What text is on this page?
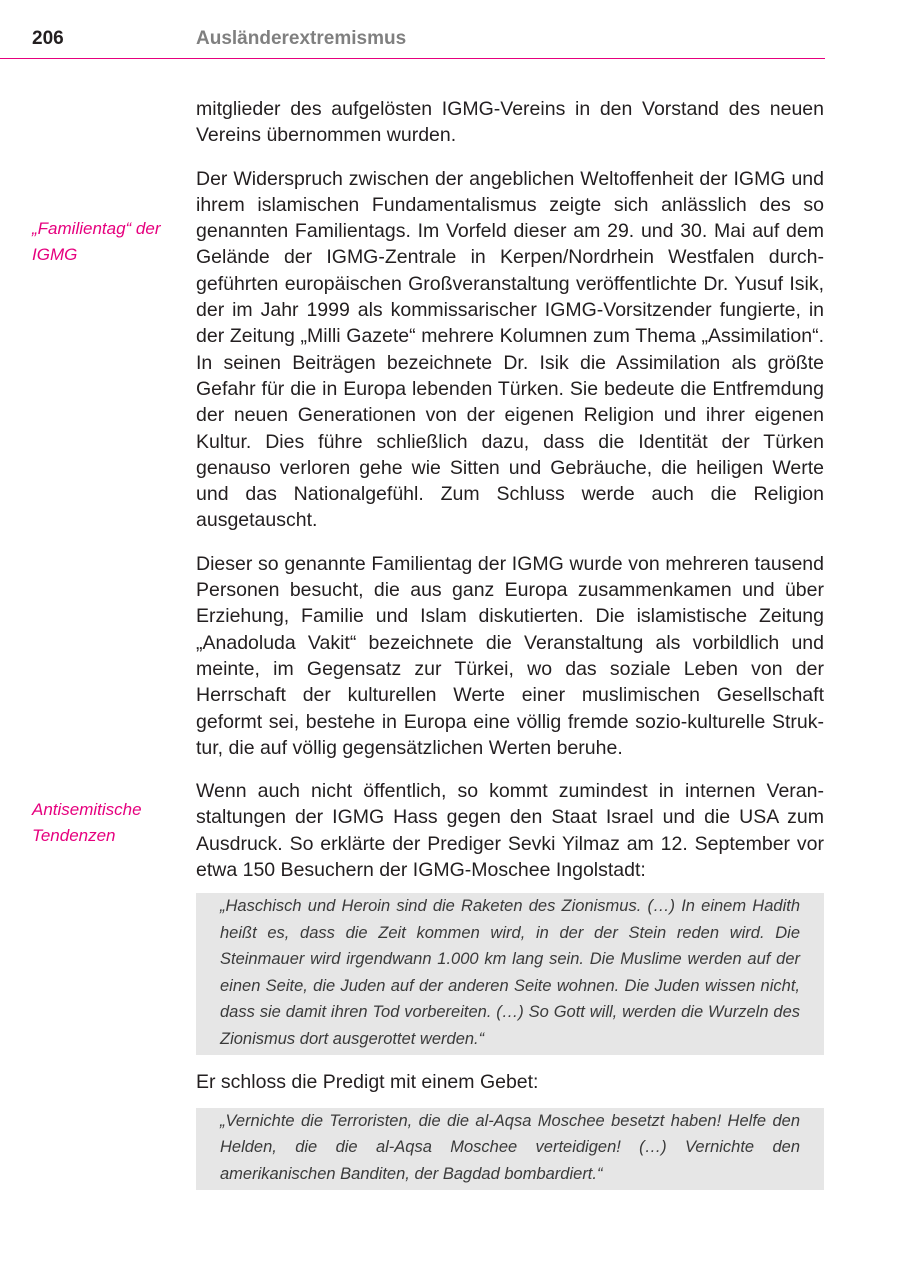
206	Ausländerextremismus
„Familientag“ der IGMG
Antisemitische Tendenzen

mitglieder des aufgelösten IGMG-Vereins in den Vorstand des neuen Vereins übernommen wurden.

Der Widerspruch zwischen der angeblichen Weltoffenheit der IGMG und ihrem islamischen Fundamentalismus zeigte sich anlässlich des so genannten Familientags. Im Vorfeld dieser am 29. und 30. Mai auf dem Gelände der IGMG-Zentrale in Kerpen/Nordrhein Westfalen durchgeführten europäischen Großveranstaltung veröffentlichte Dr. Yusuf Isik, der im Jahr 1999 als kommissarischer IGMG-Vorsitzender fungierte, in der Zeitung „Milli Gazete“ mehrere Kolumnen zum Thema „Assimilation“. In seinen Beiträgen bezeichnete Dr. Isik die Assimilation als größte Gefahr für die in Europa lebenden Türken. Sie bedeute die Entfremdung der neuen Generationen von der eigenen Religion und ihrer eigenen Kultur. Dies führe schließlich dazu, dass die Identität der Türken genauso verloren gehe wie Sitten und Gebräuche, die heiligen Werte und das Nationalgefühl. Zum Schluss werde auch die Religion ausgetauscht.

Dieser so genannte Familientag der IGMG wurde von mehreren tausend Personen besucht, die aus ganz Europa zusammenkamen und über Erziehung, Familie und Islam diskutierten. Die islamistische Zeitung „Anadoluda Vakit“ bezeichnete die Veranstaltung als vorbildlich und meinte, im Gegensatz zur Türkei, wo das soziale Leben von der Herrschaft der kulturellen Werte einer muslimischen Gesellschaft geformt sei, bestehe in Europa eine völlig fremde sozio-kulturelle Struktur, die auf völlig gegensätzlichen Werten beruhe.

Wenn auch nicht öffentlich, so kommt zumindest in internen Veranstaltungen der IGMG Hass gegen den Staat Israel und die USA zum Ausdruck. So erklärte der Prediger Sevki Yilmaz am 12. September vor etwa 150 Besuchern der IGMG-Moschee Ingolstadt:

„Haschisch und Heroin sind die Raketen des Zionismus. (…) In einem Hadith heißt es, dass die Zeit kommen wird, in der der Stein reden wird. Die Steinmauer wird irgendwann 1.000 km lang sein. Die Muslime werden auf der einen Seite, die Juden auf der anderen Seite wohnen. Die Juden wissen nicht, dass sie damit ihren Tod vorbereiten. (…) So Gott will, werden die Wurzeln des Zionismus dort ausgerottet werden.“

Er schloss die Predigt mit einem Gebet:

„Vernichte die Terroristen, die die al-Aqsa Moschee besetzt haben! Helfe den Helden, die die al-Aqsa Moschee verteidigen! (…) Vernichte den amerikanischen Banditen, der Bagdad bombardiert.“
